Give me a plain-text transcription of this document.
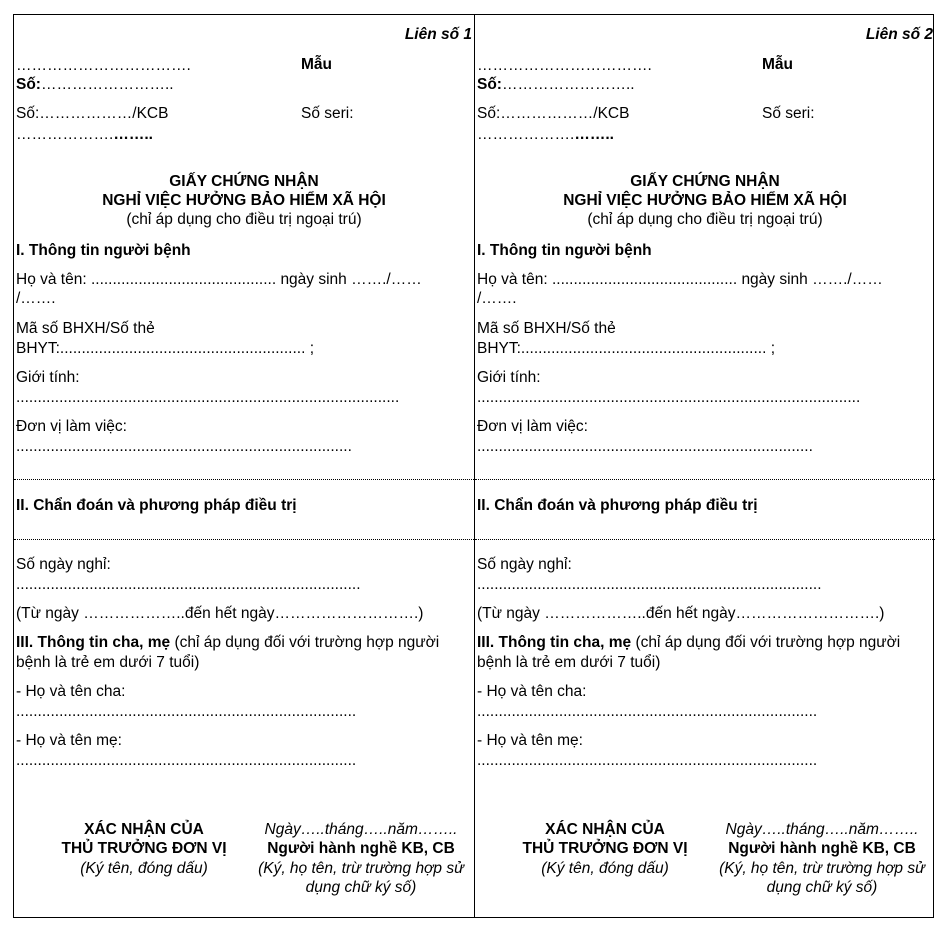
Liên số 1
…………………………….	Mẫu
Số:……………………..
Số:………………/KCB	Số seri:
……………….……..
GIẤY CHỨNG NHẬN
NGHỈ VIỆC HƯỞNG BẢO HIỂM XÃ HỘI
(chỉ áp dụng cho điều trị ngoại trú)
I. Thông tin người bệnh
Họ và tên: ........................................... ngày sinh ……./……
/…….
Mã số BHXH/Số thẻ
BHYT:......................................................... ;
Giới tính:
.........................................................................................
Đơn vị làm việc:
..............................................................................
II. Chẩn đoán và phương pháp điều trị
Số ngày nghỉ:
................................................................................
(Từ ngày ………………..đến hết ngày……………………….)
III. Thông tin cha, mẹ (chỉ áp dụng đối với trường hợp người
bệnh là trẻ em dưới 7 tuổi)
- Họ và tên cha:
...............................................................................
- Họ và tên mẹ:
...............................................................................
XÁC NHẬN CỦA
THỦ TRƯỞNG ĐƠN VỊ
(Ký tên, đóng dấu)
Ngày…..tháng…..năm……..
Người hành nghề KB, CB
(Ký, họ tên, trừ trường hợp sử
dụng chữ ký số)
Liên số 2
…………………………….	Mẫu
Số:……………………..
Số:………………/KCB	Số seri:
……………….……..
GIẤY CHỨNG NHẬN
NGHỈ VIỆC HƯỞNG BẢO HIỂM XÃ HỘI
(chỉ áp dụng cho điều trị ngoại trú)
I. Thông tin người bệnh
Họ và tên: ........................................... ngày sinh ……./……
/…….
Mã số BHXH/Số thẻ
BHYT:......................................................... ;
Giới tính:
.........................................................................................
Đơn vị làm việc:
..............................................................................
II. Chẩn đoán và phương pháp điều trị
Số ngày nghỉ:
................................................................................
(Từ ngày ………………..đến hết ngày……………………….)
III. Thông tin cha, mẹ (chỉ áp dụng đối với trường hợp người
bệnh là trẻ em dưới 7 tuổi)
- Họ và tên cha:
...............................................................................
- Họ và tên mẹ:
...............................................................................
XÁC NHẬN CỦA
THỦ TRƯỞNG ĐƠN VỊ
(Ký tên, đóng dấu)
Ngày…..tháng…..năm……..
Người hành nghề KB, CB
(Ký, họ tên, trừ trường hợp sử
dụng chữ ký số)
